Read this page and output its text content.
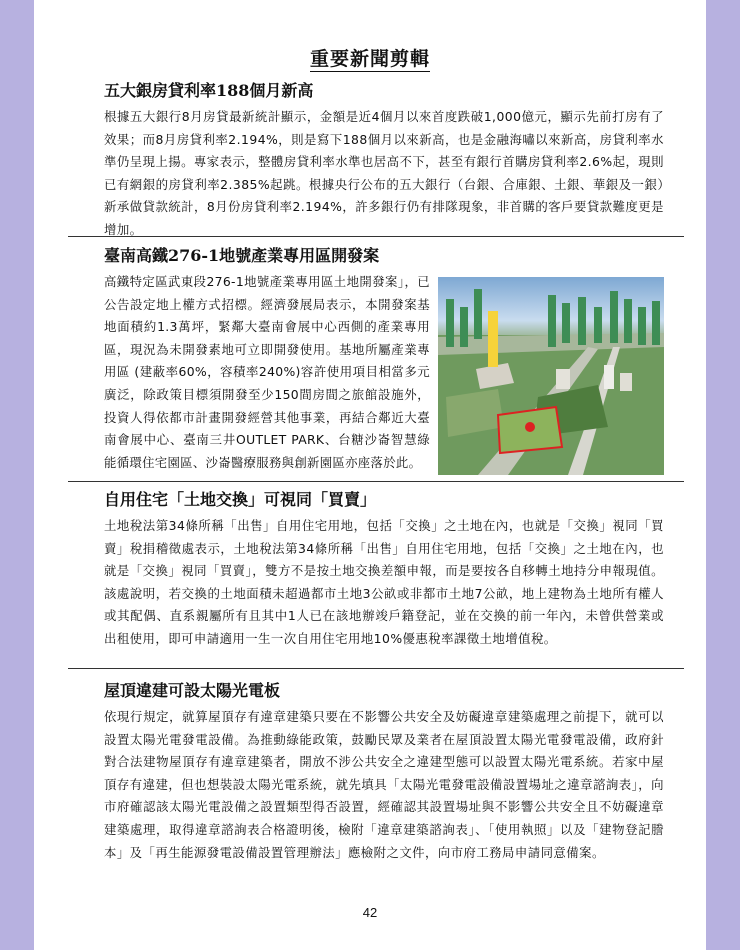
重要新聞剪輯
五大銀房貸利率188個月新高

根據五大銀行8月房貸最新統計顯示，金額是近4個月以來首度跌破1,000億元，顯示先前打房有了效果；而8月房貸利率2.194%，則是寫下188個月以來新高，也是金融海嘯以來新高，房貸利率水準仍呈現上揚。專家表示，整體房貸利率水準也居高不下，甚至有銀行首購房貸利率2.6%起，現則已有網銀的房貸利率2.385%起跳。根據央行公布的五大銀行（台銀、合庫銀、土銀、華銀及一銀）新承做貸款統計，8月份房貸利率2.194%，許多銀行仍有排隊現象，非首購的客戶要貸款難度更是增加。

臺南高鐵276-1地號產業專用區開發案

高鐵特定區武東段276-1地號產業專用區土地開發案」，已公告設定地上權方式招標。經濟發展局表示，本開發案基地面積約1.3萬坪，緊鄰大臺南會展中心西側的產業專用區，現況為未開發素地可立即開發使用。基地所屬產業專用區 (建蔽率60%，容積率240%)容許使用項目相當多元廣泛，除政策目標須開發至少150間房間之旅館設施外，投資人得依都市計畫開發經營其他事業，再結合鄰近大臺南會展中心、臺南三井OUTLET PARK、台糖沙崙智慧綠能循環住宅園區、沙崙醫療服務與創新園區亦座落於此。

自用住宅「土地交換」可視同「買賣」

土地稅法第34條所稱「出售」自用住宅用地，包括「交換」之土地在內，也就是「交換」視同「買賣」稅捐稽徵處表示，土地稅法第34條所稱「出售」自用住宅用地，包括「交換」之土地在內，也就是「交換」視同「買賣」，雙方不是按土地交換差額申報，而是要按各自移轉土地持分申報現值。該處說明，若交換的土地面積未超過都市土地3公畝或非都市土地7公畝，地上建物為土地所有權人或其配偶、直系親屬所有且其中1人已在該地辦竣戶籍登記，並在交換的前一年內，未曾供營業或出租使用，即可申請適用一生一次自用住宅用地10%優惠稅率課徵土地增值稅。

屋頂違建可設太陽光電板

依現行規定，就算屋頂存有違章建築只要在不影響公共安全及妨礙違章建築處理之前提下，就可以設置太陽光電發電設備。為推動綠能政策，鼓勵民眾及業者在屋頂設置太陽光電發電設備，政府針對合法建物屋頂存有違章建築者，開放不涉公共安全之違建型態可以設置太陽光電系統。若家中屋頂存有違建，但也想裝設太陽光電系統，就先填具「太陽光電發電設備設置場址之違章諮詢表」，向市府確認該太陽光電設備之設置類型得否設置，經確認其設置場址與不影響公共安全且不妨礙違章建築處理，取得違章諮詢表合格證明後，檢附「違章建築諮詢表」、「使用執照」以及「建物登記謄本」及「再生能源發電設備設置管理辦法」應檢附之文件，向市府工務局申請同意備案。

42
